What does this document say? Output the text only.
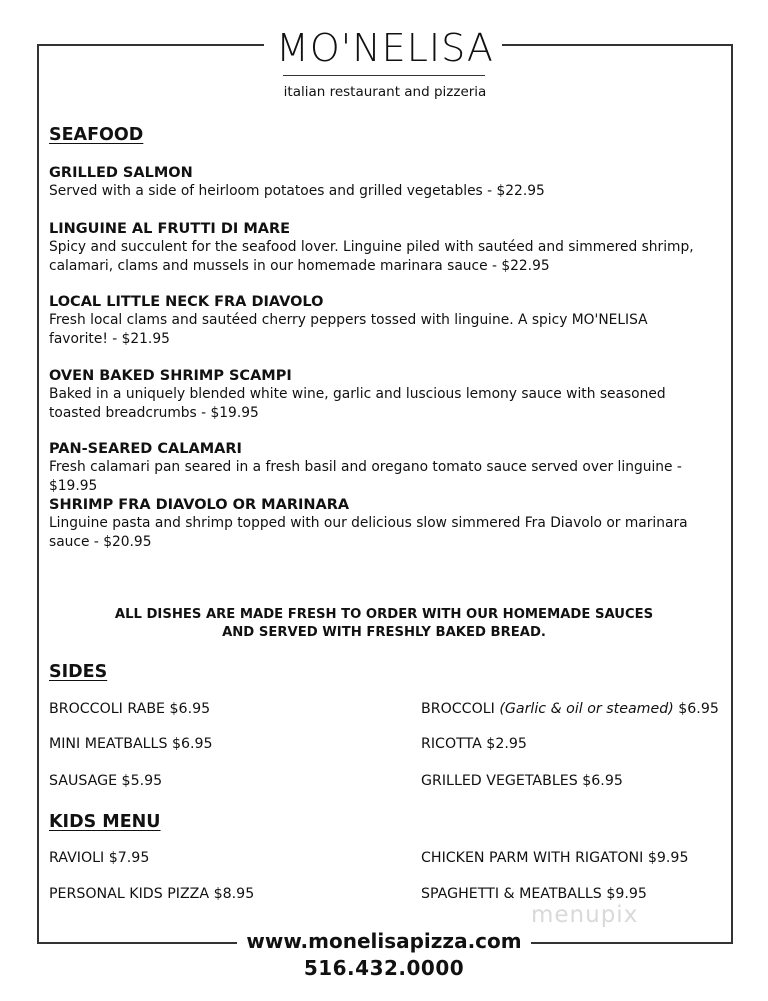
MO'NELISA
italian restaurant and pizzeria
SEAFOOD
GRILLED SALMON
Served with a side of heirloom potatoes and grilled vegetables - $22.95
LINGUINE AL FRUTTI DI MARE
Spicy and succulent for the seafood lover. Linguine piled with sautéed and simmered shrimp, calamari, clams and mussels in our homemade marinara sauce - $22.95
LOCAL LITTLE NECK FRA DIAVOLO
Fresh local clams and sautéed cherry peppers tossed with linguine. A spicy MO'NELISA favorite! - $21.95
OVEN BAKED SHRIMP SCAMPI
Baked in a uniquely blended white wine, garlic and luscious lemony sauce with seasoned toasted breadcrumbs - $19.95
PAN-SEARED CALAMARI
Fresh calamari pan seared in a fresh basil and oregano tomato sauce served over linguine - $19.95
SHRIMP FRA DIAVOLO OR MARINARA
Linguine pasta and shrimp topped with our delicious slow simmered Fra Diavolo or marinara sauce - $20.95
ALL DISHES ARE MADE FRESH TO ORDER WITH OUR HOMEMADE SAUCES
AND SERVED WITH FRESHLY BAKED BREAD.
SIDES
BROCCOLI RABE $6.95
MINI MEATBALLS $6.95
SAUSAGE $5.95
BROCCOLI (Garlic & oil or steamed) $6.95
RICOTTA $2.95
GRILLED VEGETABLES $6.95
KIDS MENU
RAVIOLI $7.95
PERSONAL KIDS PIZZA $8.95
CHICKEN PARM WITH RIGATONI $9.95
SPAGHETTI & MEATBALLS $9.95
menupix
www.monelisapizza.com
516.432.0000
